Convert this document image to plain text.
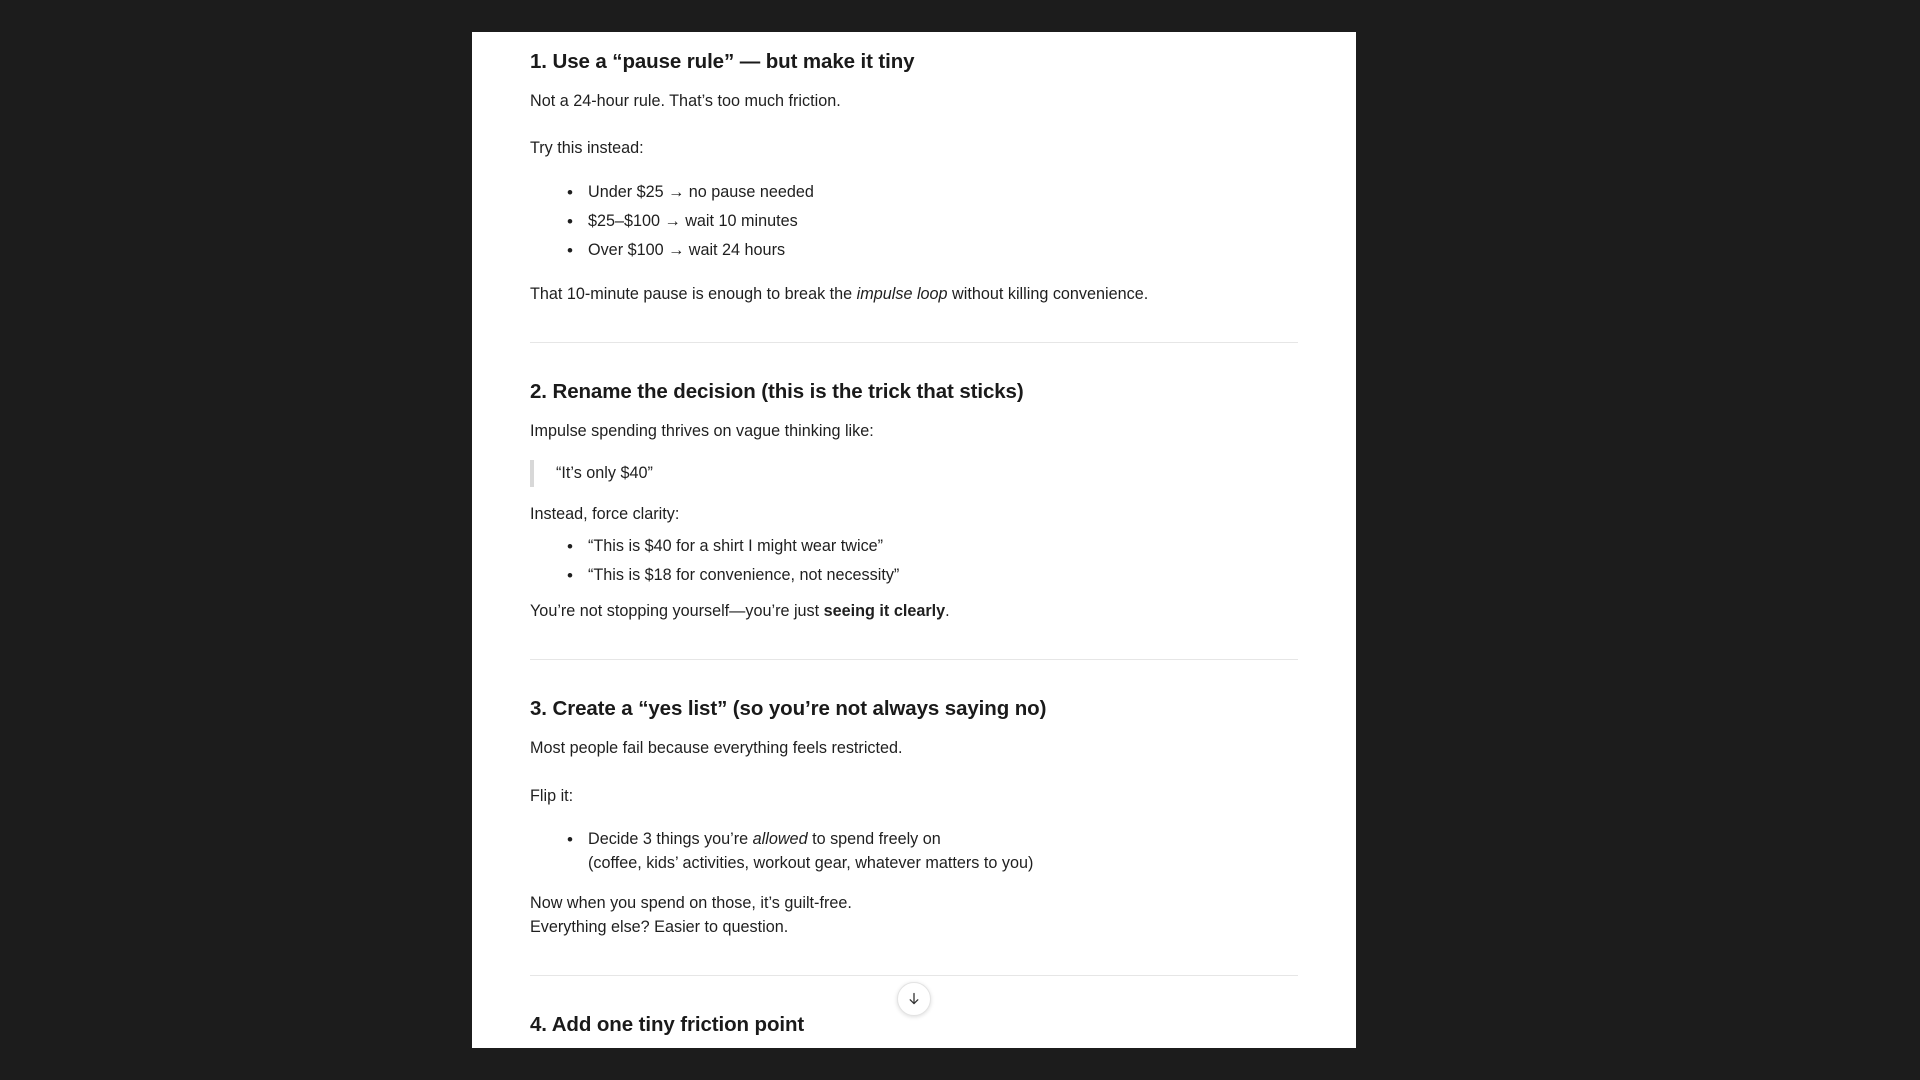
1. Use a “pause rule” — but make it tiny

Not a 24-hour rule. That’s too much friction.

Try this instead:

• Under $25 → no pause needed
• $25–$100 → wait 10 minutes
• Over $100 → wait 24 hours

That 10-minute pause is enough to break the impulse loop without killing convenience.

2. Rename the decision (this is the trick that sticks)

Impulse spending thrives on vague thinking like:

“It’s only $40”

Instead, force clarity:

• “This is $40 for a shirt I might wear twice”
• “This is $18 for convenience, not necessity”

You’re not stopping yourself—you’re just seeing it clearly.

3. Create a “yes list” (so you’re not always saying no)

Most people fail because everything feels restricted.

Flip it:

• Decide 3 things you’re allowed to spend freely on
(coffee, kids’ activities, workout gear, whatever matters to you)

Now when you spend on those, it’s guilt-free.

Everything else? Easier to question.

4. Add one tiny friction point
